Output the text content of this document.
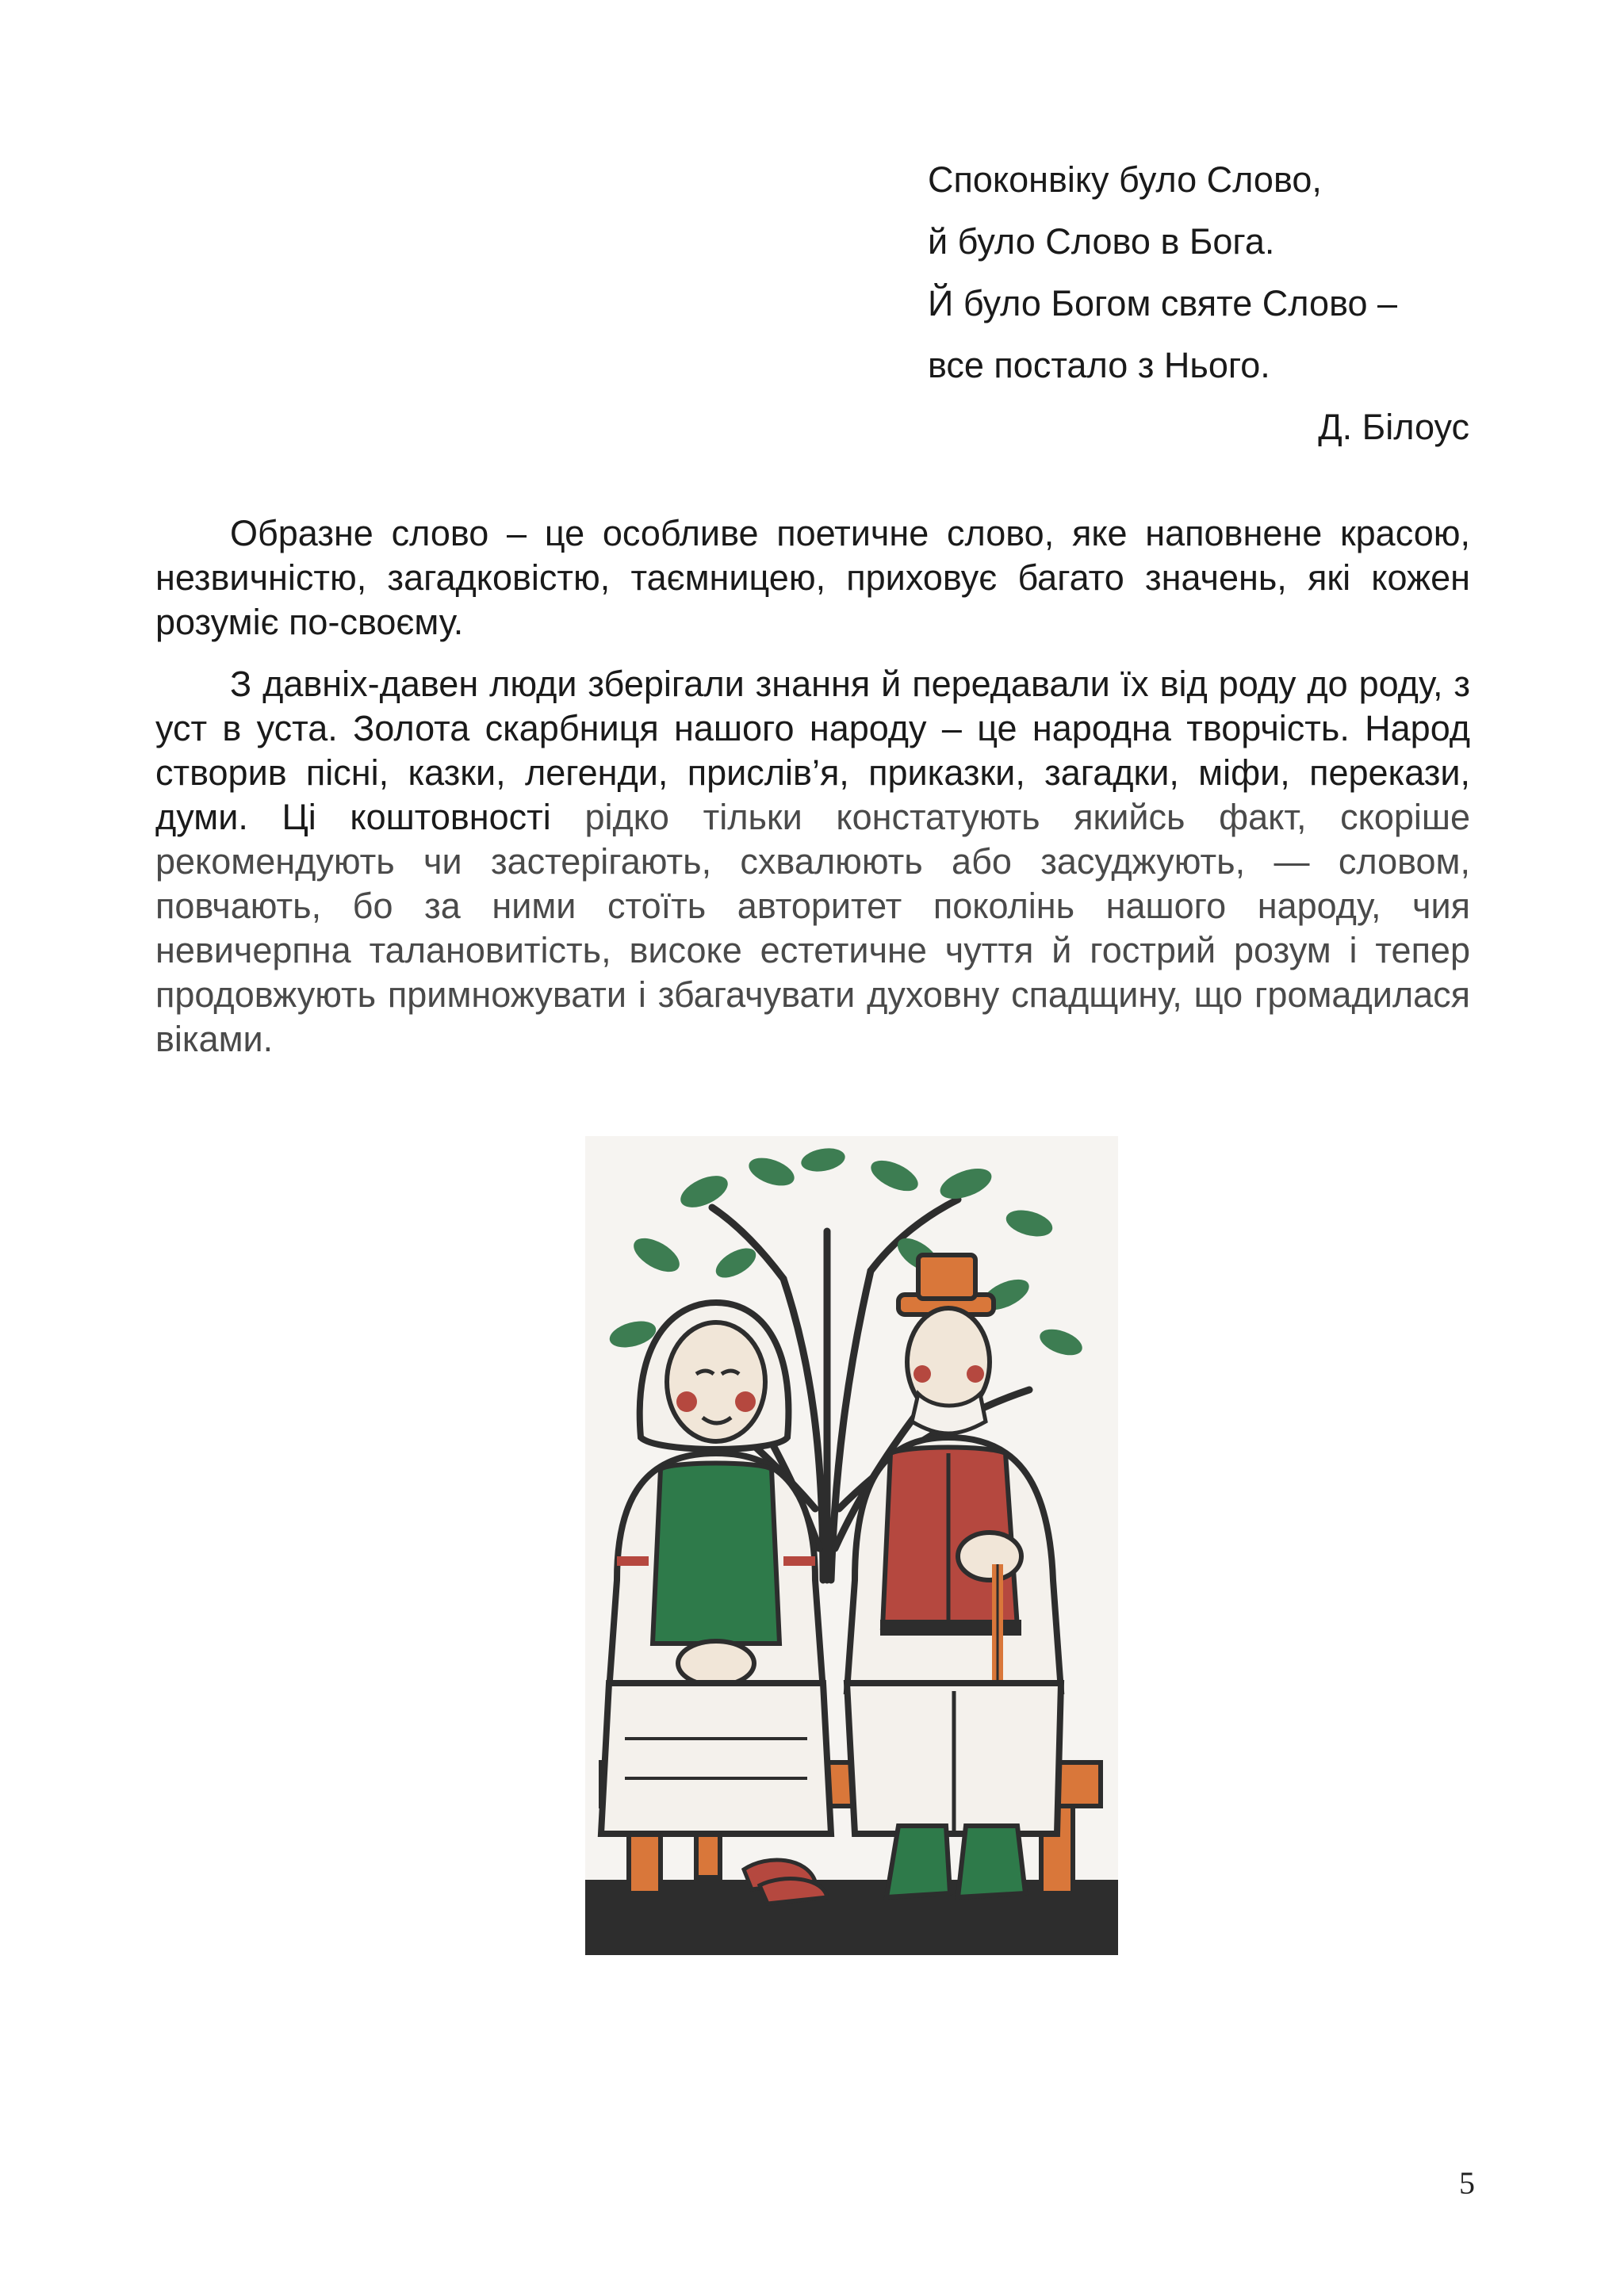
Споконвіку було Слово,
й було Слово в Бога.
Й було Богом святе Слово –
все постало з Нього.
Д. Білоус

Образне слово – це особливе поетичне слово, яке наповнене красою, незвичністю, загадковістю, таємницею, приховує багато значень, які кожен розуміє по-своєму.

З давніх-давен люди зберігали знання й передавали їх від роду до роду, з уст в уста. Золота скарбниця нашого народу – це народна творчість. Народ створив пісні, казки, легенди, прислів’я, приказки, загадки, міфи, перекази, думи. Ці коштовності рідко тільки констатують якийсь факт, скоріше рекомендують чи застерігають, схвалюють або засуджують, — словом, повчають, бо за ними стоїть авторитет поколінь нашого народу, чия невичерпна талановитість, високе естетичне чуття й гострий розум і тепер продовжують примножувати і збагачувати духовну спадщину, що громадилася віками.

5
